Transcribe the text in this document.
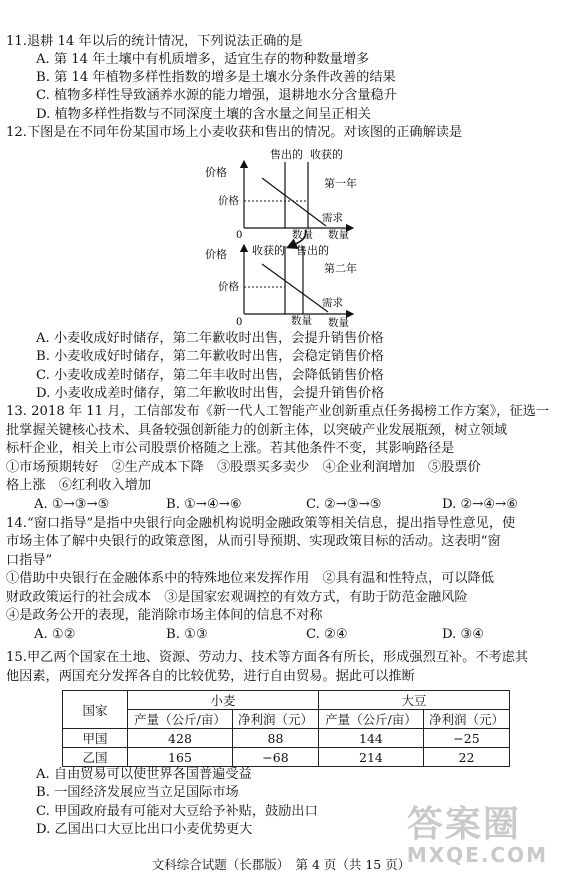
11.退耕 14 年以后的统计情况，下列说法正确的是
A. 第 14 年土壤中有机质增多，适宜生存的物种数量增多
B. 第 14 年植物多样性指数的增多是土壤水分条件改善的结果
C. 植物多样性导致涵养水源的能力增强，退耕地水分含量稳升
D. 植物多样性指数与不同深度土壤的含水量之间呈正相关
12.下图是在不同年份某国市场上小麦收获和售出的情况。对该图的正确解读是
价格
价格
0
售出的 收获的
第一年
需求
数量 数量
价格
价格
0
收获的 售出的
第二年
需求
数量 数量
A. 小麦收成好时储存，第二年歉收时出售，会提升销售价格
B. 小麦收成好时储存，第二年歉收时出售，会稳定销售价格
C. 小麦收成差时储存，第二年丰收时出售，会降低销售价格
D. 小麦收成差时储存，第二年歉收时出售，会提升销售价格
13. 2018 年 11 月，工信部发布《新一代人工智能产业创新重点任务揭榜工作方案》，征选一
批掌握关键核心技术、具备较强创新能力的创新主体，以突破产业发展瓶颈，树立领域
标杆企业，相关上市公司股票价格随之上涨。若其他条件不变，其影响路径是
①市场预期转好　②生产成本下降　③股票买多卖少　④企业利润增加　⑤股票价
格上涨　⑥红利收入增加
A. ①→③→⑤	B. ①→④→⑥	C. ②→③→⑤	D. ②→④→⑥
14.“窗口指导”是指中央银行向金融机构说明金融政策等相关信息，提出指导性意见，使
市场主体了解中央银行的政策意图，从而引导预期、实现政策目标的活动。这表明“窗
口指导”
①借助中央银行在金融体系中的特殊地位来发挥作用　②具有温和性特点，可以降低
财政政策运行的社会成本　③是国家宏观调控的有效方式，有助于防范金融风险
④是政务公开的表现，能消除市场主体间的信息不对称
A. ①②	B. ①③	C. ②④	D. ③④
15.甲乙两个国家在土地、资源、劳动力、技术等方面各有所长，形成强烈互补。不考虑其
他因素，两国充分发挥各自的比较优势，进行自由贸易。据此可以推断
国家	小麦		大豆	
	产量（公斤/亩）	净利润（元）	产量（公斤/亩）	净利润（元）
甲国	428	88	144	−25
乙国	165	−68	214	22
A. 自由贸易可以使世界各国普遍受益
B. 一国经济发展应当立足国际市场
C. 甲国政府最有可能对大豆给予补贴，鼓励出口
D. 乙国出口大豆比出口小麦优势更大	答案圈
MXQE.COM
文科综合试题（长郡版）　第 4 页（共 15 页）
